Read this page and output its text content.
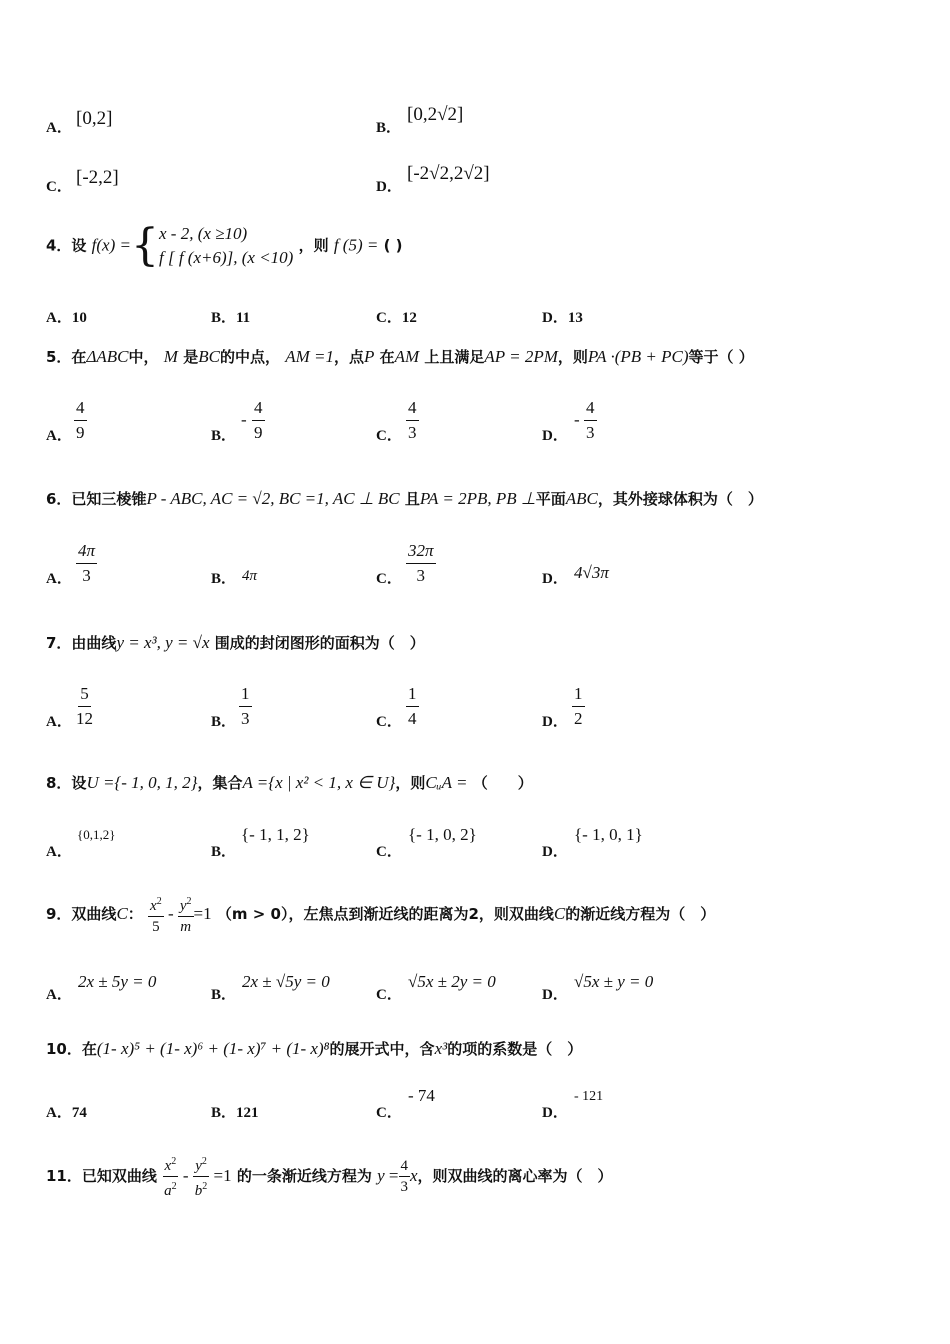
A． [0,2]	B．
[0,2√2]
C． [-2,2]	D．
[-2√2,2√2]
4．设 f(x) ={ x - 2, (x ≥10)
f [ f (x+6)], (x <10)
，则 f (5) = ( )
A．10	B．11	C．12	D．13
5．在ΔABC中， M 是BC的中点， AM =1，点P 在AM 上且满足AP = 2PM，则PA ·(PB + PC)等于（ ）
A．
4
9	B．
-
4
9	C．
4
3	D．
-
4
3
6．已知三棱锥P - ABC, AC = √2, BC =1, AC ⊥ BC 且PA = 2PB, PB ⊥平面ABC，其外接球体积为（　）
A．
4π
3	B． 4π	C．
32π
3	D． 4√3π
7．由曲线y = x³, y = √x 围成的封闭图形的面积为（　）
A．
5
12	B．
1
3	C．
1
4	D．
1
2
8．设U ={- 1, 0, 1, 2}，集合A ={x | x² < 1, x ∈ U}，则CᵤA = （　　）
A．
{0,1,2}
B．
{- 1, 1, 2}
C．
{- 1, 0, 2}
D．
{- 1, 0, 1}
9．双曲线C： $\frac{x^2}{5} - \frac{y^2}{m} =1$ （m > 0），左焦点到渐近线的距离为2，则双曲线C的渐近线方程为（　）
A．
2x ± 5y = 0
B．
2x ± √5y = 0
C．
√5x ± 2y = 0
D．
√5x ± y = 0
10．在(1- x)⁵ + (1- x)⁶ + (1- x)⁷ + (1- x)⁸的展开式中，含x³的项的系数是（　）
A．74	B．121	C．
- 74
D．
- 121
11．已知双曲线 $\frac{x^2}{a^2} - \frac{y^2}{b^2} =1$ 的一条渐近线方程为 $y = \frac{4}{3}$ x，则双曲线的离心率为（　）
